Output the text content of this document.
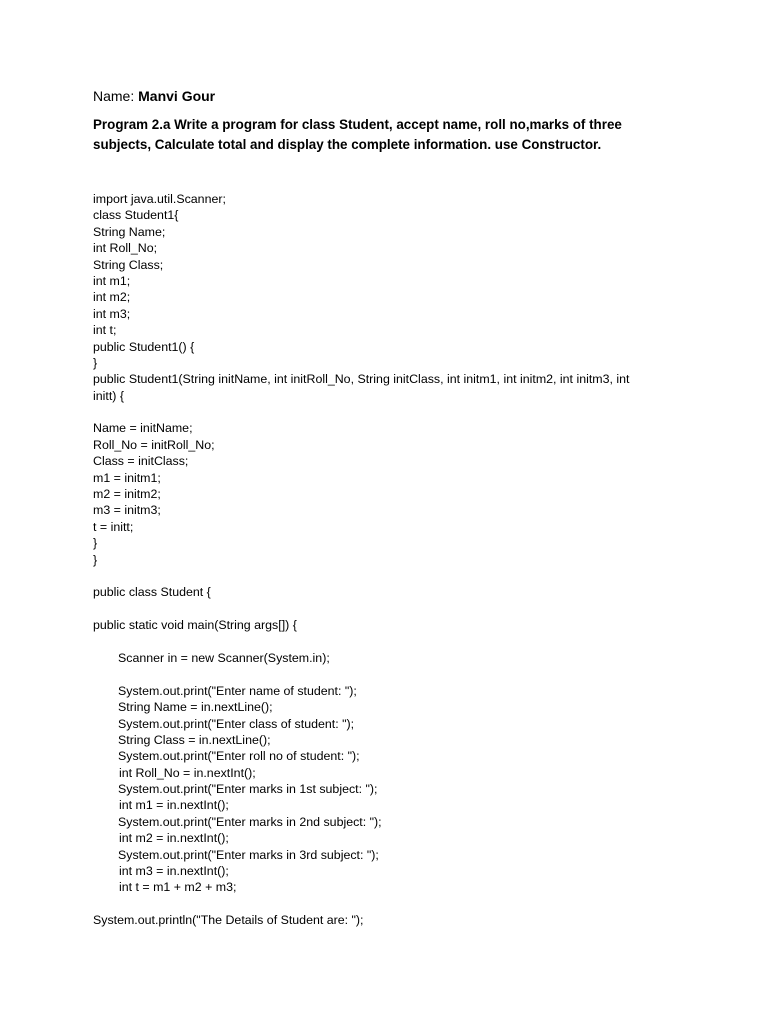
Name: Manvi Gour
Program 2.a Write a program for class Student, accept name, roll no,marks of three
subjects, Calculate total and display the complete information. use Constructor.
import java.util.Scanner;
class Student1{
String Name;
int Roll_No;
String Class;
int m1;
int m2;
int m3;
int t;
public Student1() {
}
public Student1(String initName, int initRoll_No, String initClass, int initm1, int initm2, int initm3, int
initt) {
Name = initName;
Roll_No = initRoll_No;
Class = initClass;
m1 = initm1;
m2 = initm2;
m3 = initm3;
t = initt;
}
}
public class Student {
public static void main(String args[]) {
Scanner in = new Scanner(System.in);
System.out.print("Enter name of student: ");
String Name = in.nextLine();
System.out.print("Enter class of student: ");
String Class = in.nextLine();
System.out.print("Enter roll no of student: ");
int Roll_No = in.nextInt();
System.out.print("Enter marks in 1st subject: ");
int m1 = in.nextInt();
System.out.print("Enter marks in 2nd subject: ");
int m2 = in.nextInt();
System.out.print("Enter marks in 3rd subject: ");
int m3 = in.nextInt();
int t = m1 + m2 + m3;
System.out.println("The Details of Student are: ");
